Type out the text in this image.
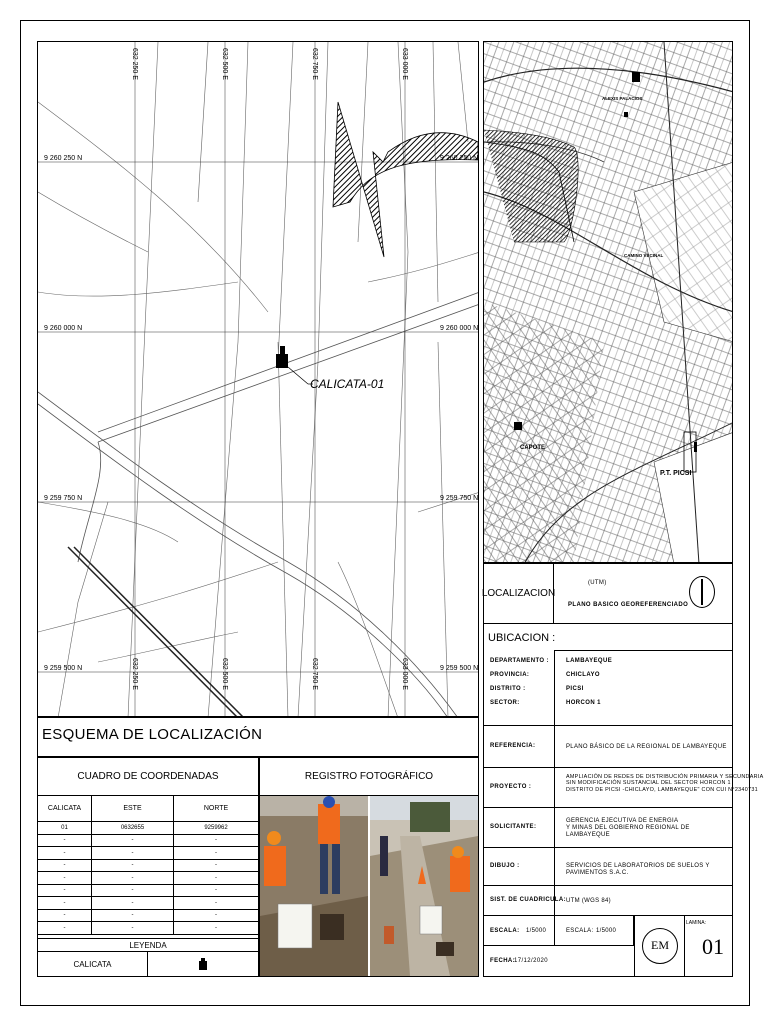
9 260 250 N	9 260 250 N
9 260 000 N	9 260 000 N
9 259 750 N	9 259 750 N
9 259 500 N	9 259 500 N
632 250 E	632 500 E	632 750 E	633 000 E
632 250 E	632 500 E	632 750 E	633 000 E
CALICATA-01
ALEXIS PALACIOS
CAPOTE
P.T. PICSI
CAMINO VECINAL
ESQUEMA DE LOCALIZACIÓN
CUADRO DE COORDENADAS
CALICATA	ESTE	NORTE
01	0632655	9259962
-	-	-
-	-	-
-	-	-
-	-	-
-	-	-
-	-	-
-	-	-
-	-	-
LEYENDA
CALICATA
REGISTRO FOTOGRÁFICO
LOCALIZACION
(UTM)
PLANO BASICO GEOREFERENCIADO
UBICACION :
DEPARTAMENTO :	LAMBAYEQUE
PROVINCIA:	CHICLAYO
DISTRITO :	PICSI
SECTOR:	HORCON 1
REFERENCIA:	PLANO BÁSICO DE LA REGIONAL DE LAMBAYEQUE
PROYECTO :
AMPLIACIÓN DE REDES DE DISTRIBUCIÓN PRIMARIA Y SECUNDARIA
SIN MODIFICACIÓN SUSTANCIAL DEL SECTOR HORCON 1
DISTRITO DE PICSI -CHICLAYO, LAMBAYEQUE" CON CUI N°2340731
SOLICITANTE:
GERENCIA EJECUTIVA DE ENERGIA
Y MINAS DEL GOBIERNO REGIONAL DE LAMBAYEQUE
DIBUJO :	SERVICIOS DE LABORATORIOS DE SUELOS Y PAVIMENTOS S.A.C.
SIST. DE CUADRICULA: UTM (WGS 84)
ESCALA: 1/5000	ESCALA: 1/5000
FECHA:
17/12/2020
EM
LAMINA:
01
